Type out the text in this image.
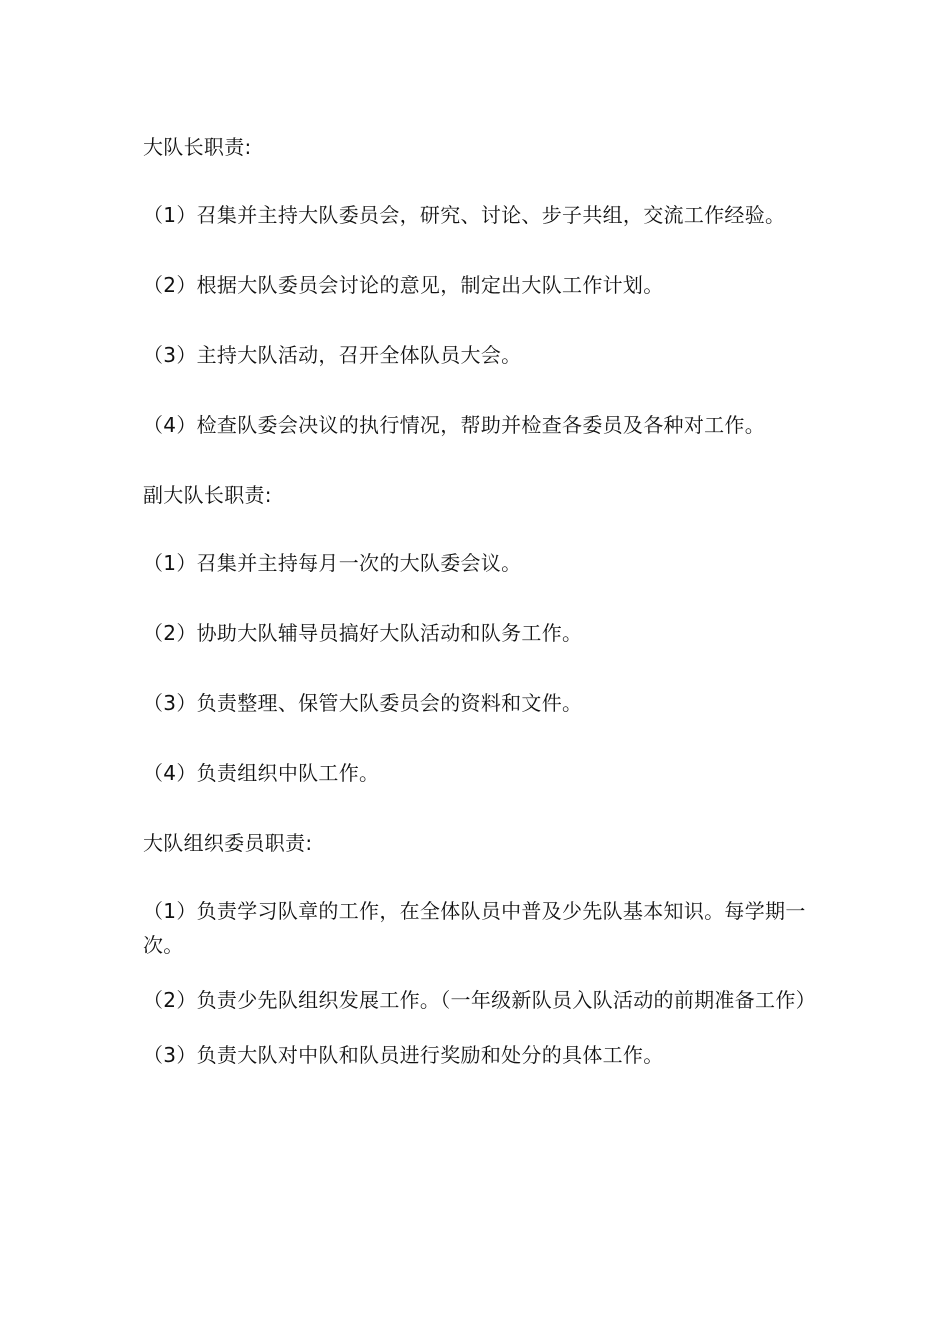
大队长职责:

（1）召集并主持大队委员会，研究、讨论、步子共组，交流工作经验。

（2）根据大队委员会讨论的意见，制定出大队工作计划。

（3）主持大队活动，召开全体队员大会。

（4）检查队委会决议的执行情况，帮助并检查各委员及各种对工作。

副大队长职责:

（1）召集并主持每月一次的大队委会议。

（2）协助大队辅导员搞好大队活动和队务工作。

（3）负责整理、保管大队委员会的资料和文件。

（4）负责组织中队工作。

大队组织委员职责:

（1）负责学习队章的工作，在全体队员中普及少先队基本知识。每学期一次。

（2）负责少先队组织发展工作。（一年级新队员入队活动的前期准备工作）

（3）负责大队对中队和队员进行奖励和处分的具体工作。
